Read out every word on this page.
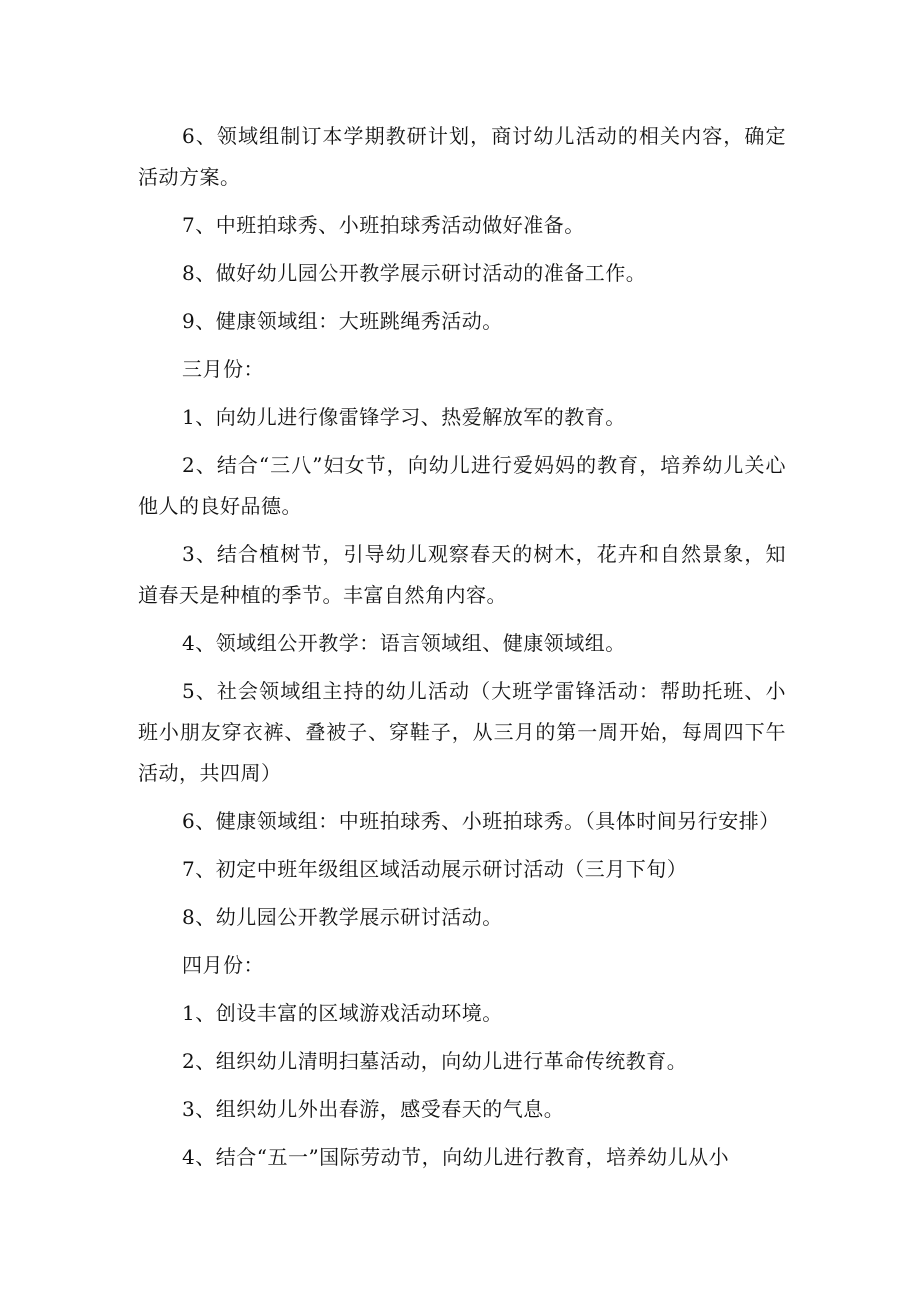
6、领域组制订本学期教研计划，商讨幼儿活动的相关内容，确定活动方案。

7、中班拍球秀、小班拍球秀活动做好准备。

8、做好幼儿园公开教学展示研讨活动的准备工作。

9、健康领域组：大班跳绳秀活动。

三月份：

1、向幼儿进行像雷锋学习、热爱解放军的教育。

2、结合“三八”妇女节，向幼儿进行爱妈妈的教育，培养幼儿关心他人的良好品德。

3、结合植树节，引导幼儿观察春天的树木，花卉和自然景象，知道春天是种植的季节。丰富自然角内容。

4、领域组公开教学：语言领域组、健康领域组。

5、社会领域组主持的幼儿活动（大班学雷锋活动：帮助托班、小班小朋友穿衣裤、叠被子、穿鞋子，从三月的第一周开始，每周四下午活动，共四周）

6、健康领域组：中班拍球秀、小班拍球秀。（具体时间另行安排）

7、初定中班年级组区域活动展示研讨活动（三月下旬）

8、幼儿园公开教学展示研讨活动。

四月份：

1、创设丰富的区域游戏活动环境。

2、组织幼儿清明扫墓活动，向幼儿进行革命传统教育。

3、组织幼儿外出春游，感受春天的气息。

4、结合“五一”国际劳动节，向幼儿进行教育，培养幼儿从小
